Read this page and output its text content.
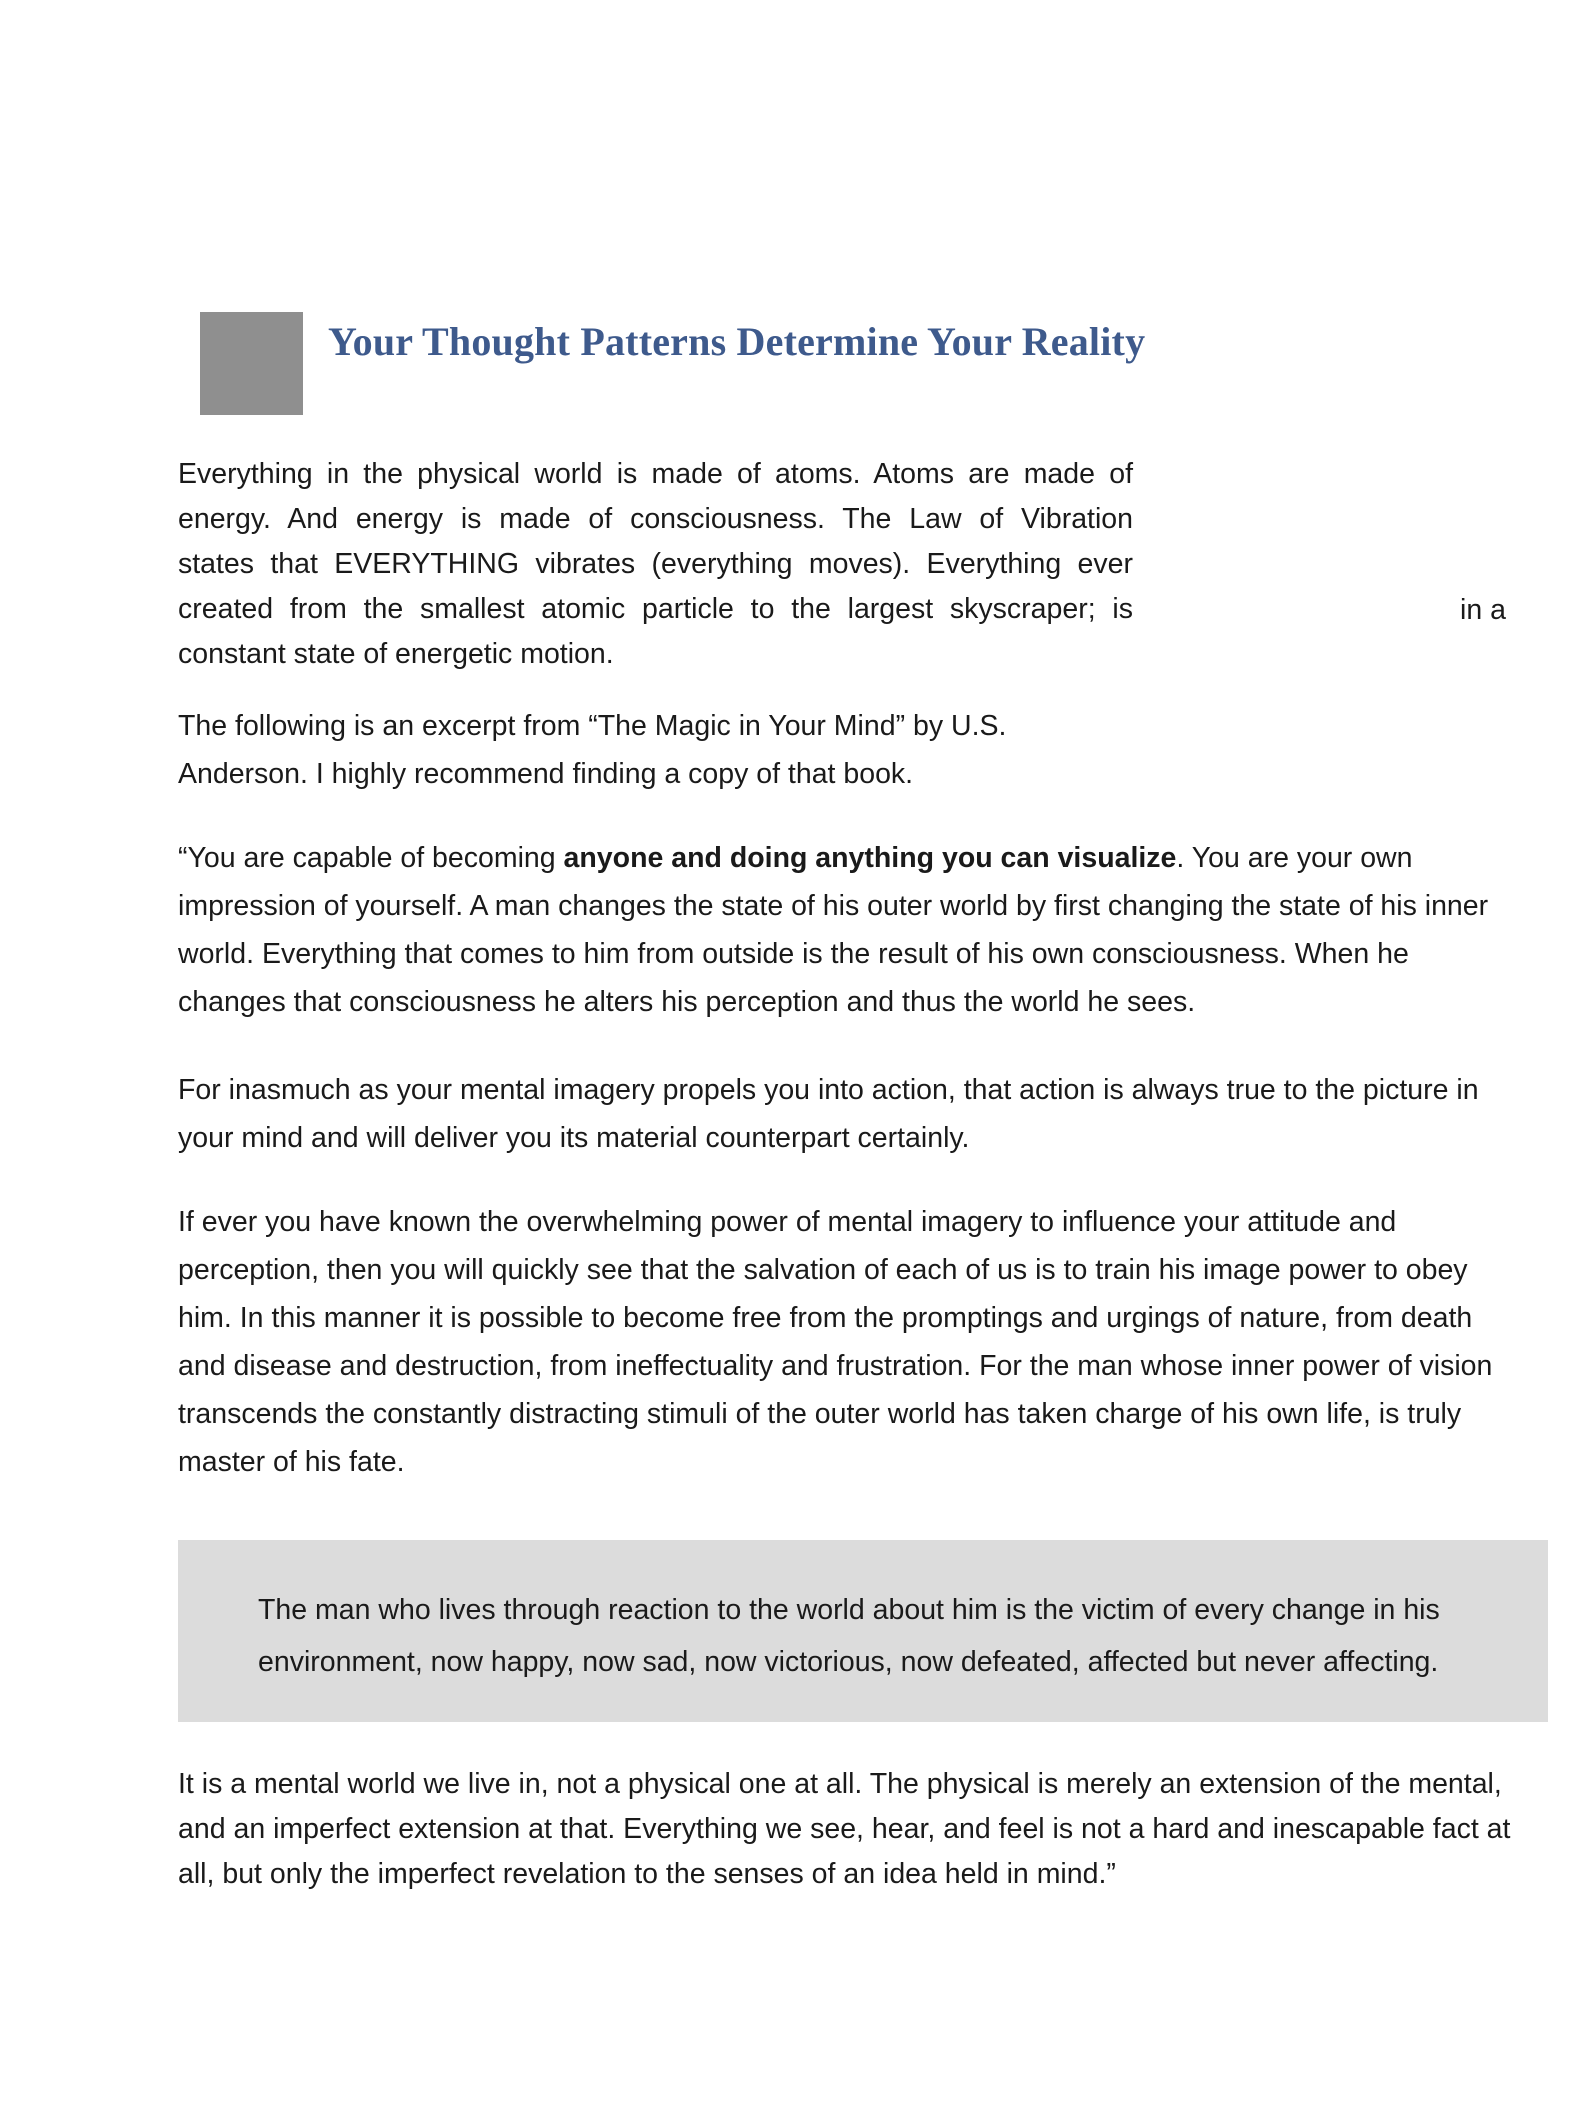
Your Thought Patterns Determine Your Reality
Everything in the physical world is made of atoms. Atoms are made of
energy. And energy is made of consciousness. The Law of Vibration
states that EVERYTHING vibrates (everything moves). Everything ever
created from the smallest atomic particle to the largest skyscraper; is
constant state of energetic motion.
in a
The following is an excerpt from “The Magic in Your Mind” by U.S.
Anderson. I highly recommend finding a copy of that book.

“You are capable of becoming anyone and doing anything you can visualize. You are your own impression of yourself. A man changes the state of his outer world by first changing the state of his inner world. Everything that comes to him from outside is the result of his own consciousness. When he changes that consciousness he alters his perception and thus the world he sees.

For inasmuch as your mental imagery propels you into action, that action is always true to the picture in your mind and will deliver you its material counterpart certainly.

If ever you have known the overwhelming power of mental imagery to influence your attitude and perception, then you will quickly see that the salvation of each of us is to train his image power to obey him. In this manner it is possible to become free from the promptings and urgings of nature, from death and disease and destruction, from ineffectuality and frustration. For the man whose inner power of vision transcends the constantly distracting stimuli of the outer world has taken charge of his own life, is truly master of his fate.

The man who lives through reaction to the world about him is the victim of every change in his environment, now happy, now sad, now victorious, now defeated, affected but never affecting.

It is a mental world we live in, not a physical one at all. The physical is merely an extension of the mental, and an imperfect extension at that. Everything we see, hear, and feel is not a hard and inescapable fact at all, but only the imperfect revelation to the senses of an idea held in mind.”
